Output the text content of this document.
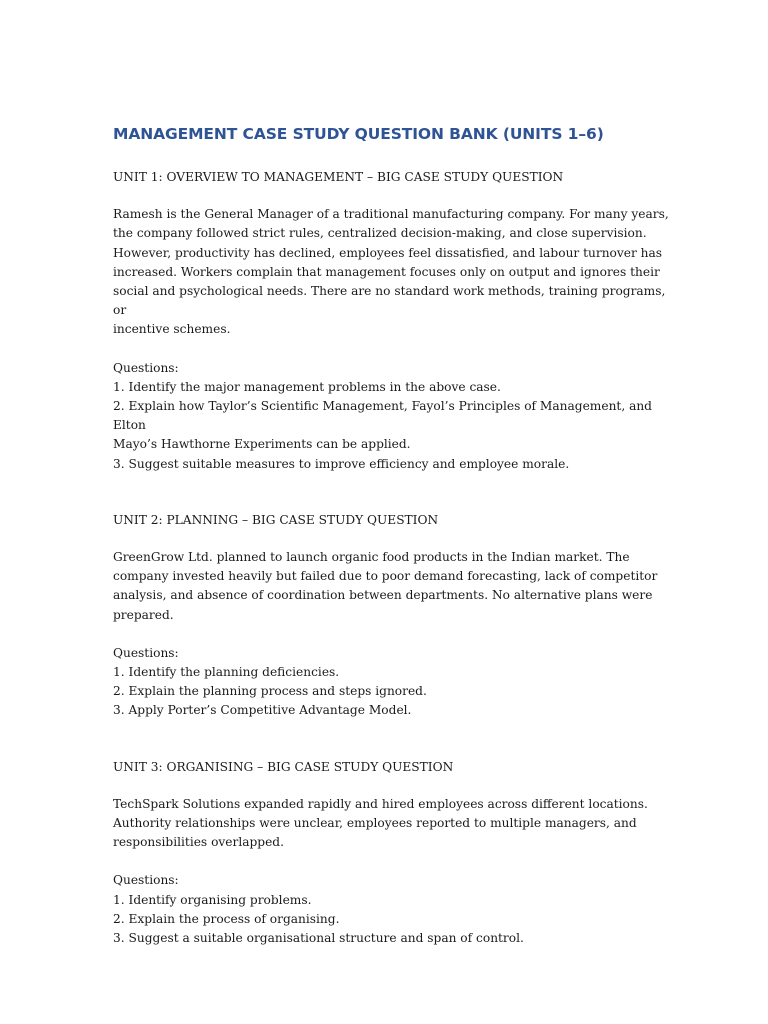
MANAGEMENT CASE STUDY QUESTION BANK (UNITS 1–6)
UNIT 1: OVERVIEW TO MANAGEMENT – BIG CASE STUDY QUESTION
Ramesh is the General Manager of a traditional manufacturing company. For many years,
the company followed strict rules, centralized decision-making, and close supervision.
However, productivity has declined, employees feel dissatisfied, and labour turnover has
increased. Workers complain that management focuses only on output and ignores their
social and psychological needs. There are no standard work methods, training programs, or
incentive schemes.
Questions:
1. Identify the major management problems in the above case.
2. Explain how Taylor’s Scientific Management, Fayol’s Principles of Management, and Elton
Mayo’s Hawthorne Experiments can be applied.
3. Suggest suitable measures to improve efficiency and employee morale.
UNIT 2: PLANNING – BIG CASE STUDY QUESTION
GreenGrow Ltd. planned to launch organic food products in the Indian market. The
company invested heavily but failed due to poor demand forecasting, lack of competitor
analysis, and absence of coordination between departments. No alternative plans were
prepared.
Questions:
1. Identify the planning deficiencies.
2. Explain the planning process and steps ignored.
3. Apply Porter’s Competitive Advantage Model.
UNIT 3: ORGANISING – BIG CASE STUDY QUESTION
TechSpark Solutions expanded rapidly and hired employees across different locations.
Authority relationships were unclear, employees reported to multiple managers, and
responsibilities overlapped.
Questions:
1. Identify organising problems.
2. Explain the process of organising.
3. Suggest a suitable organisational structure and span of control.
